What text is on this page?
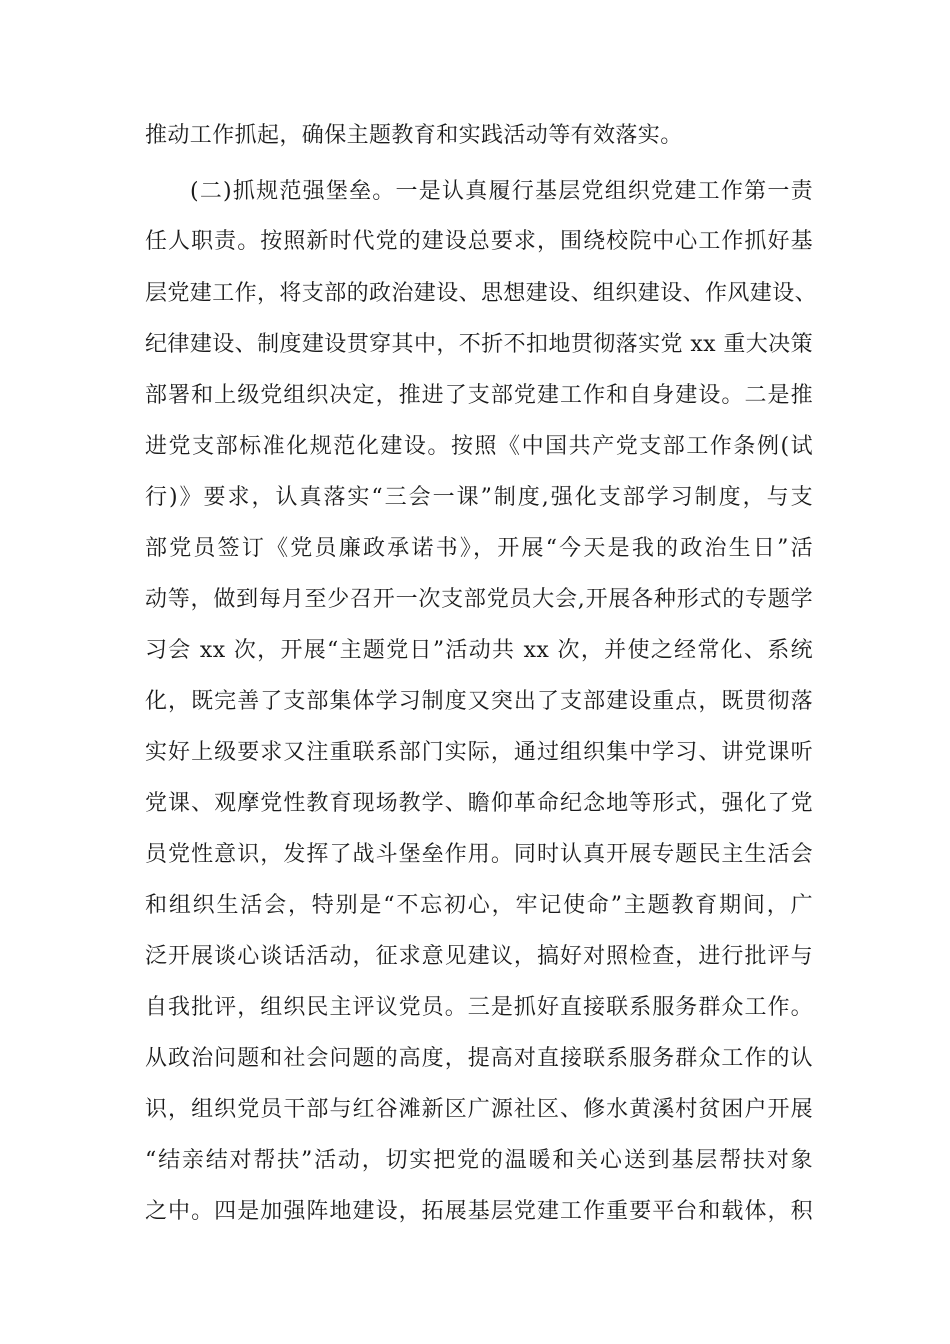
推动工作抓起，确保主题教育和实践活动等有效落实。

(二)抓规范强堡垒。一是认真履行基层党组织党建工作第一责

任人职责。按照新时代党的建设总要求，围绕校院中心工作抓好基

层党建工作，将支部的政治建设、思想建设、组织建设、作风建设、

纪律建设、制度建设贯穿其中，不折不扣地贯彻落实党 xx 重大决策

部署和上级党组织决定，推进了支部党建工作和自身建设。二是推

进党支部标准化规范化建设。按照《中国共产党支部工作条例(试

行)》要求，认真落实“三会一课”制度,强化支部学习制度，与支

部党员签订《党员廉政承诺书》，开展“今天是我的政治生日”活

动等，做到每月至少召开一次支部党员大会,开展各种形式的专题学

习会 xx 次，开展“主题党日”活动共 xx 次，并使之经常化、系统

化，既完善了支部集体学习制度又突出了支部建设重点，既贯彻落

实好上级要求又注重联系部门实际，通过组织集中学习、讲党课听

党课、观摩党性教育现场教学、瞻仰革命纪念地等形式，强化了党

员党性意识，发挥了战斗堡垒作用。同时认真开展专题民主生活会

和组织生活会，特别是“不忘初心，牢记使命”主题教育期间，广

泛开展谈心谈话活动，征求意见建议，搞好对照检查，进行批评与

自我批评，组织民主评议党员。三是抓好直接联系服务群众工作。

从政治问题和社会问题的高度，提高对直接联系服务群众工作的认

识，组织党员干部与红谷滩新区广源社区、修水黄溪村贫困户开展

“结亲结对帮扶”活动，切实把党的温暖和关心送到基层帮扶对象

之中。四是加强阵地建设，拓展基层党建工作重要平台和载体，积
